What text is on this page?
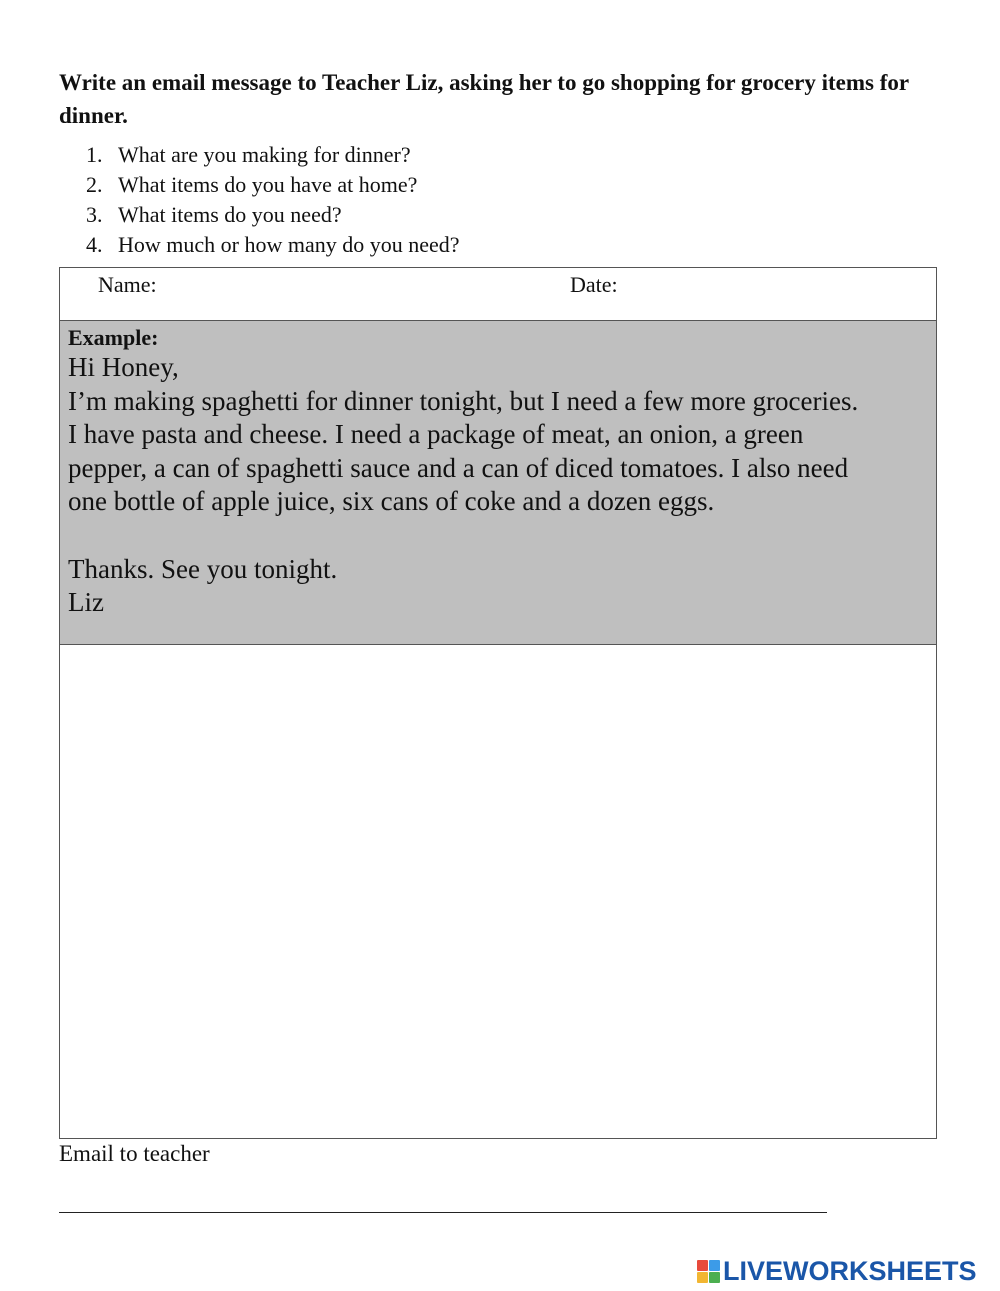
Write an email message to Teacher Liz, asking her to go shopping for grocery items for dinner.

1. What are you making for dinner?
2. What items do you have at home?
3. What items do you need?
4. How much or how many do you need?
Name:	Date:
Example:

Hi Honey,

I’m making spaghetti for dinner tonight, but I need a few more groceries.

I have pasta and cheese. I need a package of meat, an onion, a green

pepper, a can of spaghetti sauce and a can of diced tomatoes. I also need

one bottle of apple juice, six cans of coke and a dozen eggs.

Thanks. See you tonight.

Liz

Email to teacher
LIVEWORKSHEETS
